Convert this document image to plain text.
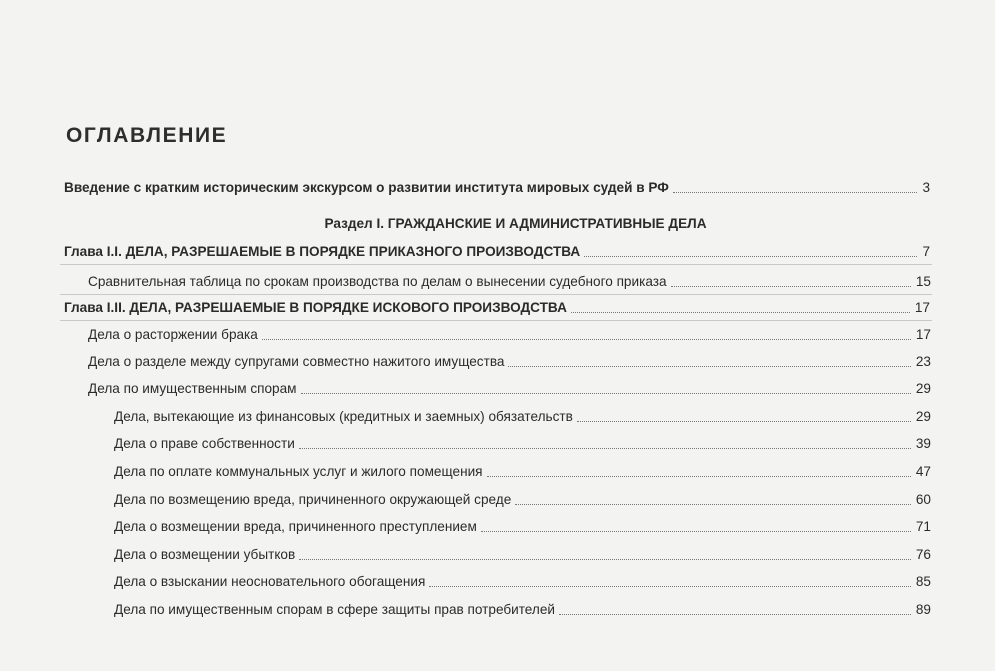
ОГЛАВЛЕНИЕ
Введение с кратким историческим экскурсом о развитии института мировых судей в РФ	3
Раздел I. ГРАЖДАНСКИЕ И АДМИНИСТРАТИВНЫЕ ДЕЛА
Глава I.I. ДЕЛА, РАЗРЕШАЕМЫЕ В ПОРЯДКЕ ПРИКАЗНОГО ПРОИЗВОДСТВА	7
Сравнительная таблица по срокам производства по делам о вынесении судебного приказа	15
Глава I.II. ДЕЛА, РАЗРЕШАЕМЫЕ В ПОРЯДКЕ ИСКОВОГО ПРОИЗВОДСТВА	17
Дела о расторжении брака	17
Дела о разделе между супругами совместно нажитого имущества	23
Дела по имущественным спорам	29
Дела, вытекающие из финансовых (кредитных и заемных) обязательств	29
Дела о праве собственности	39
Дела по оплате коммунальных услуг и жилого помещения	47
Дела по возмещению вреда, причиненного окружающей среде	60
Дела о возмещении вреда, причиненного преступлением	71
Дела о возмещении убытков	76
Дела о взыскании неосновательного обогащения	85
Дела по имущественным спорам в сфере защиты прав потребителей	89
